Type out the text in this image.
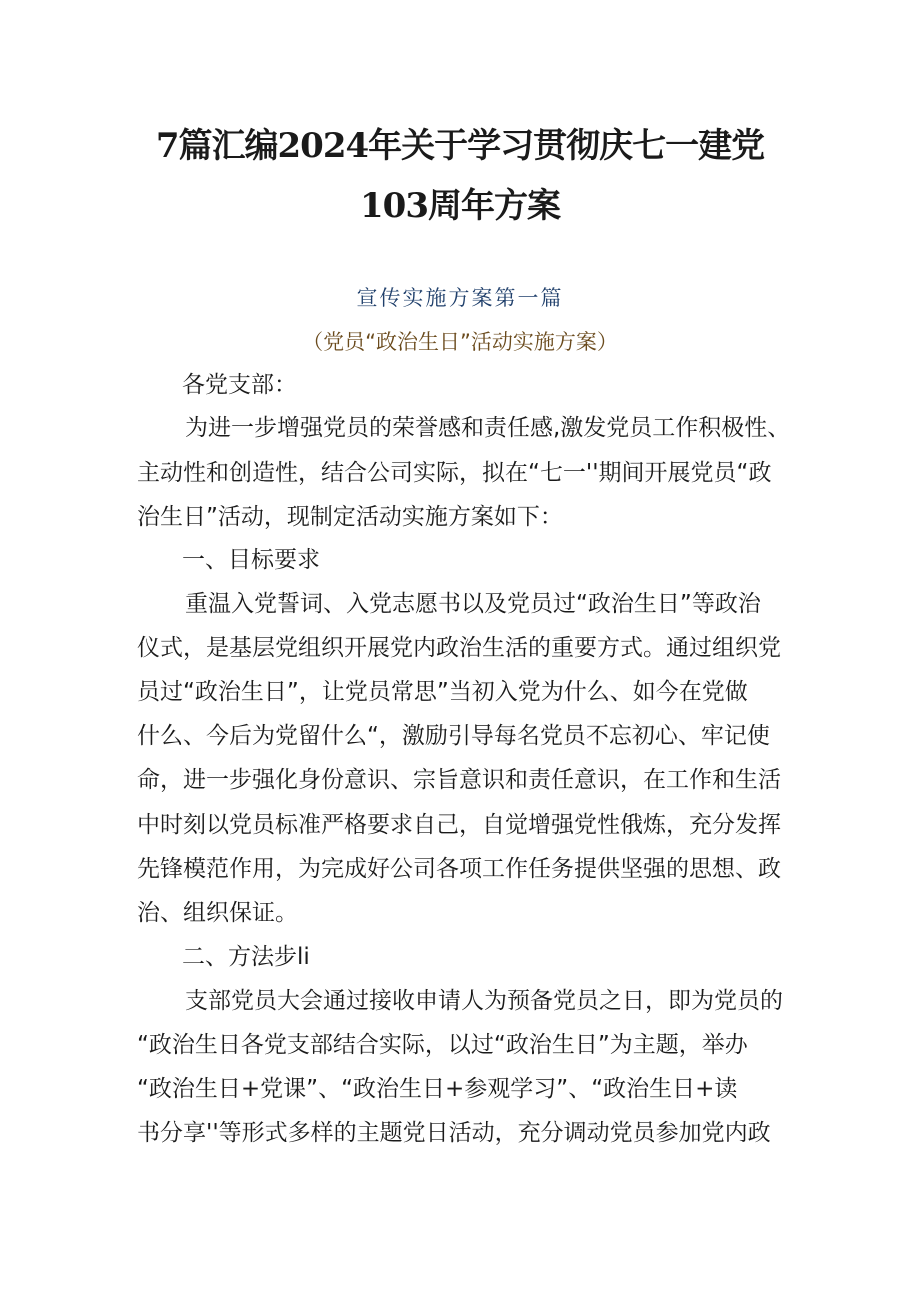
7篇汇编2024年关于学习贯彻庆七一建党
103周年方案

宣传实施方案第一篇

（党员“政治生日”活动实施方案）

各党支部：

为进一步增强党员的荣誉感和责任感,激发党员工作积极性、

主动性和创造性，结合公司实际，拟在“七一''期间开展党员“政

治生日”活动，现制定活动实施方案如下：

一、目标要求

重温入党誓词、入党志愿书以及党员过“政治生日”等政治

仪式，是基层党组织开展党内政治生活的重要方式。通过组织党

员过“政治生日”，让党员常思”当初入党为什么、如今在党做

什么、今后为党留什么“，激励引导每名党员不忘初心、牢记使

命，进一步强化身份意识、宗旨意识和责任意识，在工作和生活

中时刻以党员标准严格要求自己，自觉增强党性俄炼，充分发挥

先锋模范作用，为完成好公司各项工作任务提供坚强的思想、政

治、组织保证。

二、方法步li

支部党员大会通过接收申请人为预备党员之日，即为党员的

“政治生日各党支部结合实际，以过“政治生日”为主题，举办

“政治生日+党课”、“政治生日+参观学习”、“政治生日+读

书分享''等形式多样的主题党日活动，充分调动党员参加党内政
